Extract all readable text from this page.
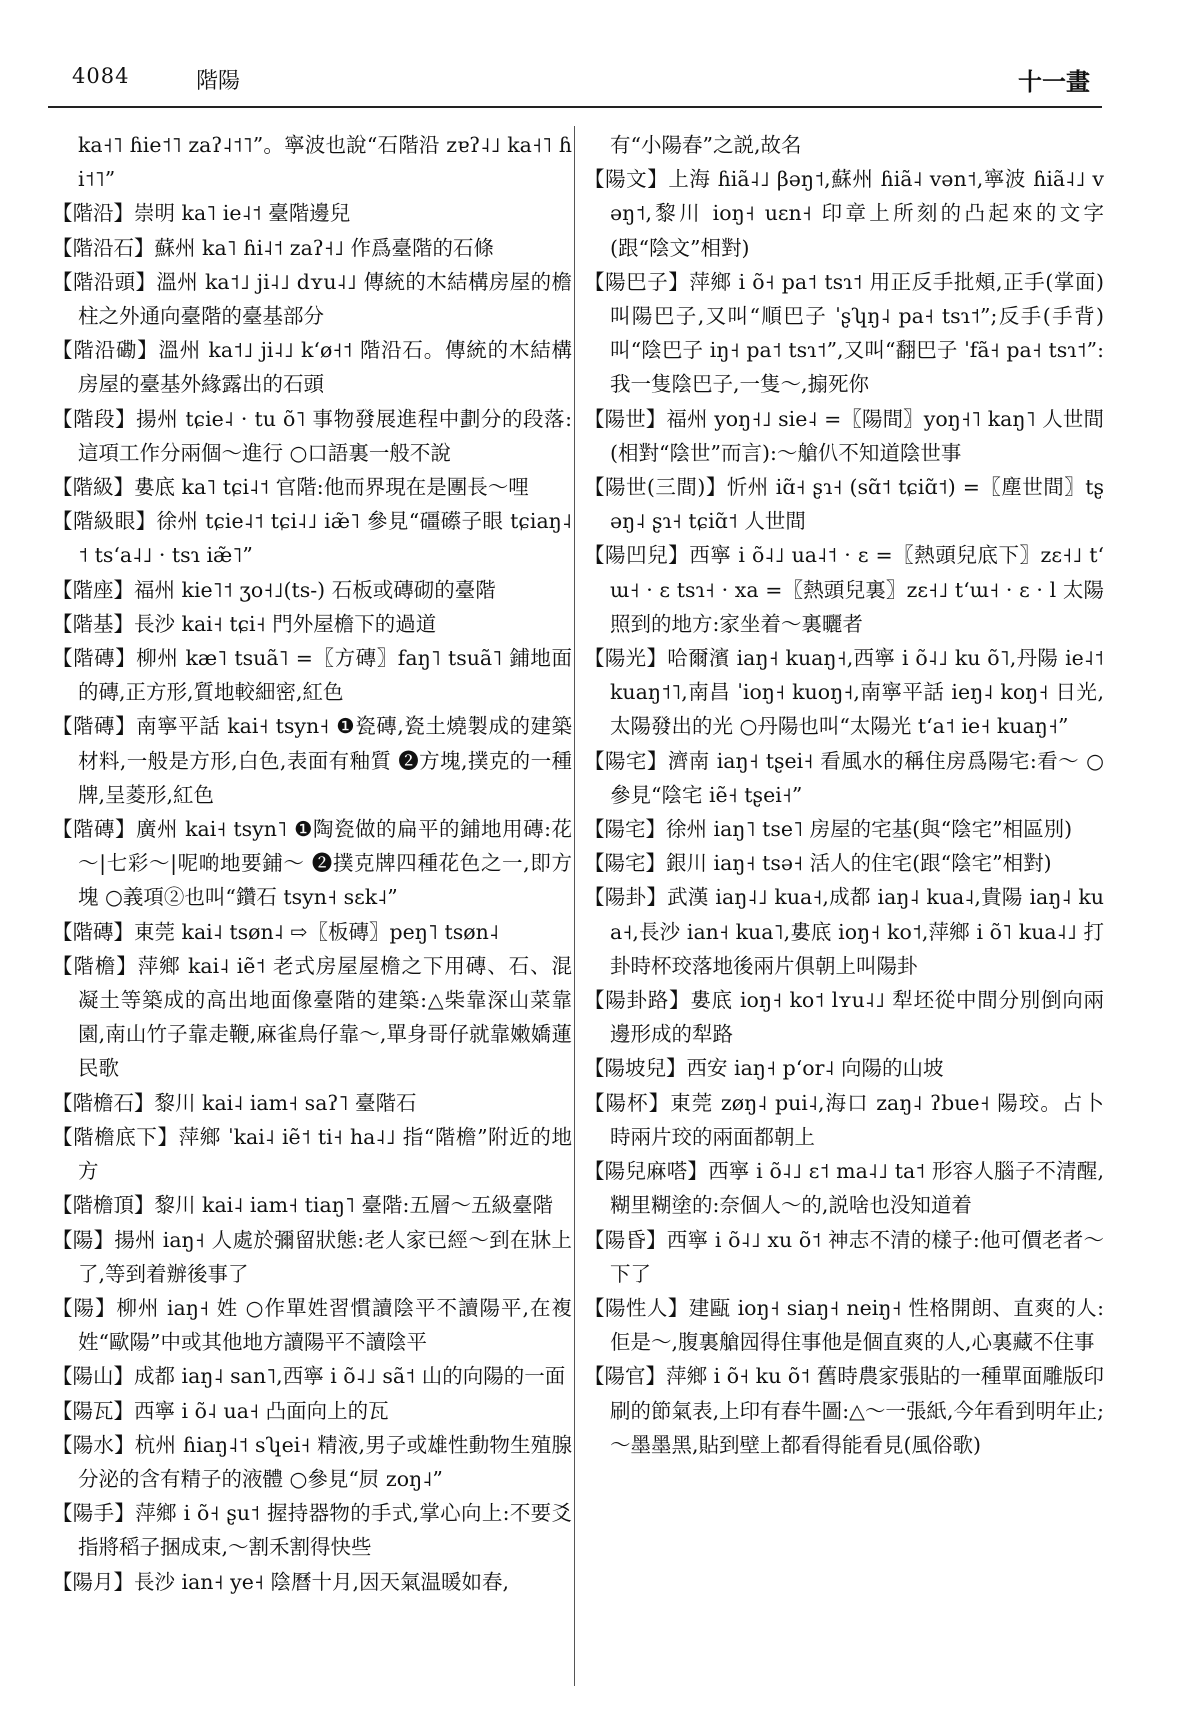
4084	階陽	十一畫

ka˧˥ ɦie˦˥ zaʔ˨˦˥”。寧波也說“石階沿 zɐʔ˨˩ ka˧˥ ɦi˦˥”

【階沿】崇明 ka˥ ie˨˦ 臺階邊兒

【階沿石】蘇州 ka˥ ɦi˨˦ zaʔ˧˩ 作爲臺階的石條

【階沿頭】溫州 ka˦˩ ji˨˩ dʏu˨˩ 傳統的木結構房屋的檐柱之外通向臺階的臺基部分

【階沿磡】溫州 ka˦˩ ji˨˩ kʻø˧˦ 階沿石。傳統的木結構房屋的臺基外緣露出的石頭

【階段】揚州 tɕie˨ · tu õ˥ 事物發展進程中劃分的段落:這項工作分兩個～進行 ○口語裏一般不說

【階級】婁底 ka˥ tɕi˨˦ 官階:他而界現在是團長～哩

【階級眼】徐州 tɕie˨˦ tɕi˨˩ iæ̃˥ 參見“礓礤子眼 tɕiaŋ˨˦ tsʻa˨˩ · tsɿ iæ̃˥”

【階座】福州 kie˥˦ ʒo˧˩(ts-) 石板或磚砌的臺階

【階基】長沙 kai˧ tɕi˧ 門外屋檐下的過道

【階磚】柳州 kæ˥ tsuã˥ =〖方磚〗faŋ˥ tsuã˥ 鋪地面的磚,正方形,質地較細密,紅色

【階磚】南寧平話 kai˧ tsyn˧ ❶瓷磚,瓷土燒製成的建築材料,一般是方形,白色,表面有釉質 ❷方塊,撲克的一種牌,呈菱形,紅色

【階磚】廣州 kai˧ tsyn˥ ❶陶瓷做的扁平的鋪地用磚:花～|七彩～|呢啲地要鋪～ ❷撲克牌四種花色之一,即方塊 ○義項②也叫“鑽石 tsyn˧ sɛk˨”

【階磚】東莞 kai˨ tsøn˨ ⇨〖板磚〗peŋ˥ tsøn˨

【階檐】萍鄉 kai˨ iẽ˦ 老式房屋屋檐之下用磚、石、混凝土等築成的高出地面像臺階的建築:△柴靠深山菜靠園,南山竹子靠走鞭,麻雀鳥仔靠～,單身哥仔就靠嫩嬌蓮民歌

【階檐石】黎川 kai˨ iam˧ saʔ˥ 臺階石

【階檐底下】萍鄉 ˈkai˨ iẽ˦ ti˧ ha˨˩ 指“階檐”附近的地方

【階檐頂】黎川 kai˨ iam˧ tiaŋ˥ 臺階:五層～五級臺階

【陽】揚州 iaŋ˧ 人處於彌留狀態:老人家已經～到在牀上了,等到着辦後事了

【陽】柳州 iaŋ˧ 姓 ○作單姓習慣讀陰平不讀陽平,在複姓“歐陽”中或其他地方讀陽平不讀陰平

【陽山】成都 iaŋ˨ san˥,西寧 i õ˨˩ sã˦ 山的向陽的一面

【陽瓦】西寧 i õ˨ ua˧ 凸面向上的瓦

【陽水】杭州 ɦiaŋ˨˦ sʮei˧ 精液,男子或雄性動物生殖腺分泌的含有精子的液體 ○參見“屃 zoŋ˨”

【陽手】萍鄉 i õ˧ ʂu˦ 握持器物的手式,掌心向上:不要爻指將稻子捆成束,～割禾割得快些

【陽月】長沙 ian˧ ye˧ 陰曆十月,因天氣温暖如春,

有“小陽春”之説,故名

【陽文】上海 ɦiã˨˩ βəŋ˦,蘇州 ɦiã˨ vən˦,寧波 ɦiã˨˩ vəŋ˦,黎川 ioŋ˧ uɛn˧ 印章上所刻的凸起來的文字(跟“陰文”相對)

【陽巴子】萍鄉 i õ˧ pa˦ tsɿ˦ 用正反手批頰,正手(掌面)叫陽巴子,又叫“順巴子 ˈʂʮŋ˨ pa˧ tsɿ˦”;反手(手背)叫“陰巴子 iŋ˧ pa˦ tsɿ˦”,又叫“翻巴子 ˈfã˧ pa˧ tsɿ˦”:我一隻陰巴子,一隻～,搧死你

【陽世】福州 yoŋ˧˩ sie˨ =〖陽間〗yoŋ˧˥ kaŋ˥ 人世間(相對“陰世”而言):～艙仈不知道陰世事

【陽世(三間)】忻州 iɑ̃˧ ʂɿ˧ (sɑ̃˦ tɕiɑ̃˦) =〖塵世間〗tʂəŋ˨ ʂɿ˧ tɕiɑ̃˦ 人世間

【陽凹兒】西寧 i õ˨˩ ua˨˦ · ɛ =〖熱頭兒底下〗zɛ˧˩ tʻɯ˧ · ɛ tsɿ˧ · xa =〖熱頭兒裏〗zɛ˧˩ tʻɯ˧ · ɛ · l 太陽照到的地方:家坐着～裏曬者

【陽光】哈爾濱 iaŋ˧ kuaŋ˧,西寧 i õ˨˩ ku õ˥,丹陽 ie˨˦ kuaŋ˦˥,南昌 ˈioŋ˧ kuoŋ˧,南寧平話 ieŋ˨ koŋ˧ 日光,太陽發出的光 ○丹陽也叫“太陽光 tʻa˦ ie˧ kuaŋ˧”

【陽宅】濟南 iaŋ˧ tʂei˧ 看風水的稱住房爲陽宅:看～ ○參見“陰宅 iẽ˧ tʂei˧”

【陽宅】徐州 iaŋ˥ tse˥ 房屋的宅基(與“陰宅”相區別)

【陽宅】銀川 iaŋ˧ tsə˧ 活人的住宅(跟“陰宅”相對)

【陽卦】武漢 iaŋ˨˩ kua˧,成都 iaŋ˨ kua˨,貴陽 iaŋ˨ kua˧,長沙 ian˧ kua˥,婁底 ioŋ˧ ko˦,萍鄉 i õ˥ kua˨˩ 打卦時杯珓落地後兩片俱朝上叫陽卦

【陽卦路】婁底 ioŋ˧ ko˦ lʏu˨˩ 犁坯從中間分別倒向兩邊形成的犁路

【陽坡兒】西安 iaŋ˧ pʻor˨ 向陽的山坡

【陽杯】東莞 zøŋ˨ pui˨,海口 zaŋ˨ ʔbue˧ 陽珓。占卜時兩片珓的兩面都朝上

【陽兒麻嗒】西寧 i õ˨˩ ɛ˦ ma˨˩ ta˦ 形容人腦子不清醒,糊里糊塗的:奈個人～的,説啥也没知道着

【陽昏】西寧 i õ˨˩ xu õ˦ 神志不清的樣子:他可價老者～下了

【陽性人】建甌 ioŋ˧ siaŋ˧ neiŋ˧ 性格開朗、直爽的人:佢是～,腹裏艙囥得住事他是個直爽的人,心裏藏不住事

【陽官】萍鄉 i õ˧ ku õ˦ 舊時農家張貼的一種單面雕版印刷的節氣表,上印有春牛圖:△～一張紙,今年看到明年止;～墨墨黑,貼到壁上都看得能看見(風俗歌)
